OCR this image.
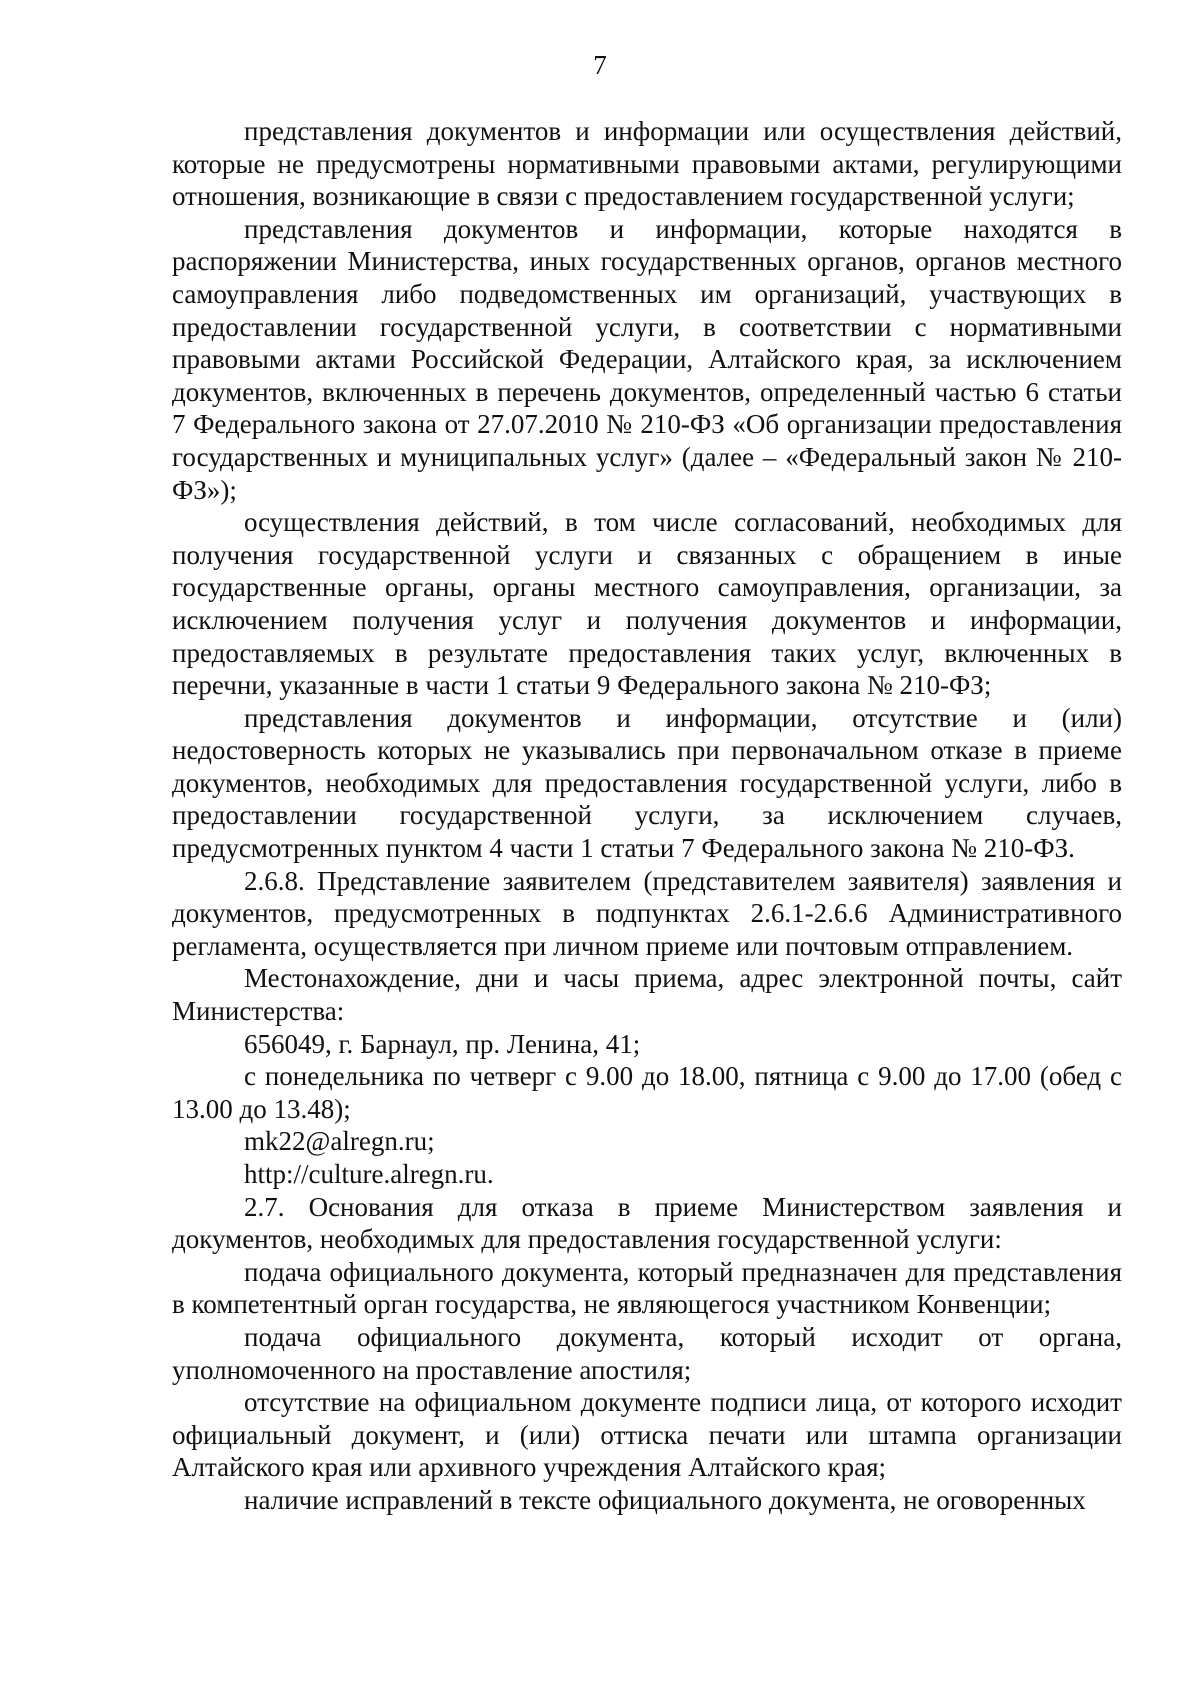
7

представления документов и информации или осуществления действий, которые не предусмотрены нормативными правовыми актами, регулирующими отношения, возникающие в связи с предоставлением государственной услуги;

представления документов и информации, которые находятся в распоряжении Министерства, иных государственных органов, органов местного самоуправления либо подведомственных им организаций, участвующих в предоставлении государственной услуги, в соответствии с нормативными правовыми актами Российской Федерации, Алтайского края, за исключением документов, включенных в перечень документов, определенный частью 6 статьи 7 Федерального закона от 27.07.2010 № 210-ФЗ «Об организации предоставления государственных и муниципальных услуг» (далее – «Федеральный закон № 210-ФЗ»);

осуществления действий, в том числе согласований, необходимых для получения государственной услуги и связанных с обращением в иные государственные органы, органы местного самоуправления, организации, за исключением получения услуг и получения документов и информации, предоставляемых в результате предоставления таких услуг, включенных в перечни, указанные в части 1 статьи 9 Федерального закона № 210-ФЗ;

представления документов и информации, отсутствие и (или) недостоверность которых не указывались при первоначальном отказе в приеме документов, необходимых для предоставления государственной услуги, либо в предоставлении государственной услуги, за исключением случаев, предусмотренных пунктом 4 части 1 статьи 7 Федерального закона № 210-ФЗ.

2.6.8. Представление заявителем (представителем заявителя) заявления и документов, предусмотренных в подпунктах 2.6.1-2.6.6 Административного регламента, осуществляется при личном приеме или почтовым отправлением.

Местонахождение, дни и часы приема, адрес электронной почты, сайт Министерства:

656049, г. Барнаул, пр. Ленина, 41;

с понедельника по четверг с 9.00 до 18.00, пятница с 9.00 до 17.00 (обед с 13.00 до 13.48);

mk22@alregn.ru;

http://culture.alregn.ru.

2.7. Основания для отказа в приеме Министерством заявления и документов, необходимых для предоставления государственной услуги:

подача официального документа, который предназначен для представления в компетентный орган государства, не являющегося участником Конвенции;

подача официального документа, который исходит от органа, уполномоченного на проставление апостиля;

отсутствие на официальном документе подписи лица, от которого исходит официальный документ, и (или) оттиска печати или штампа организации Алтайского края или архивного учреждения Алтайского края;

наличие исправлений в тексте официального документа, не оговоренных
